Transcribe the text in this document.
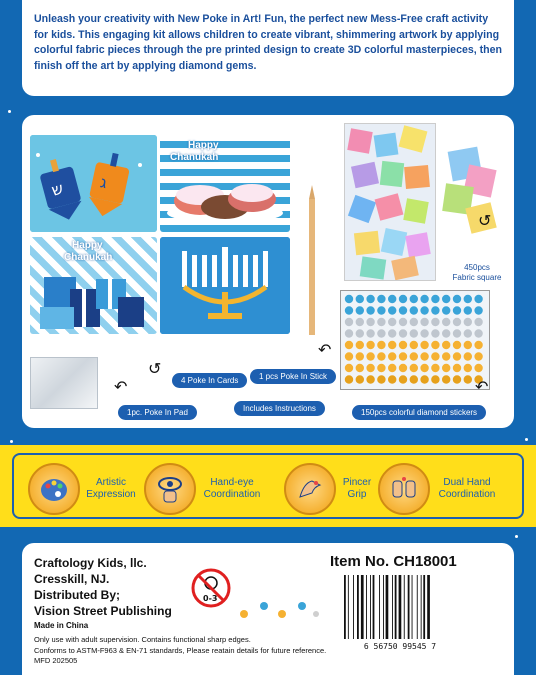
Unleash your creativity with New Poke in Art! Fun, the perfect new Mess-Free craft activity for kids. This engaging kit allows children to create vibrant, shimmering artwork by applying colorful fabric pieces through the pre printed design to create 3D colorful masterpieces, then finish off the art by applying diamond gems.

ש ג
Happy
Chanukah
Happy
Chanukah
450pcs
Fabric square
↺
↶
↺
↶	↶
4 Poke In Cards	1 pcs Poke In Stick
1pc. Poke In Pad	Includes Instructions	150pcs colorful diamond stickers
Artistic
Expression
Hand-eye
Coordination
Pincer
Grip
Dual Hand
Coordination
Craftology Kids, llc.
Cresskill, NJ.
Distributed By;
Vision Street Publishing
Made in China
Only use with adult supervision. Contains functional sharp edges.
Conforms to ASTM-F963 & EN-71 standards, Please reatain details for future reference.
MFD 202505
0-3
Item No. CH18001
6 56750 99545 7
